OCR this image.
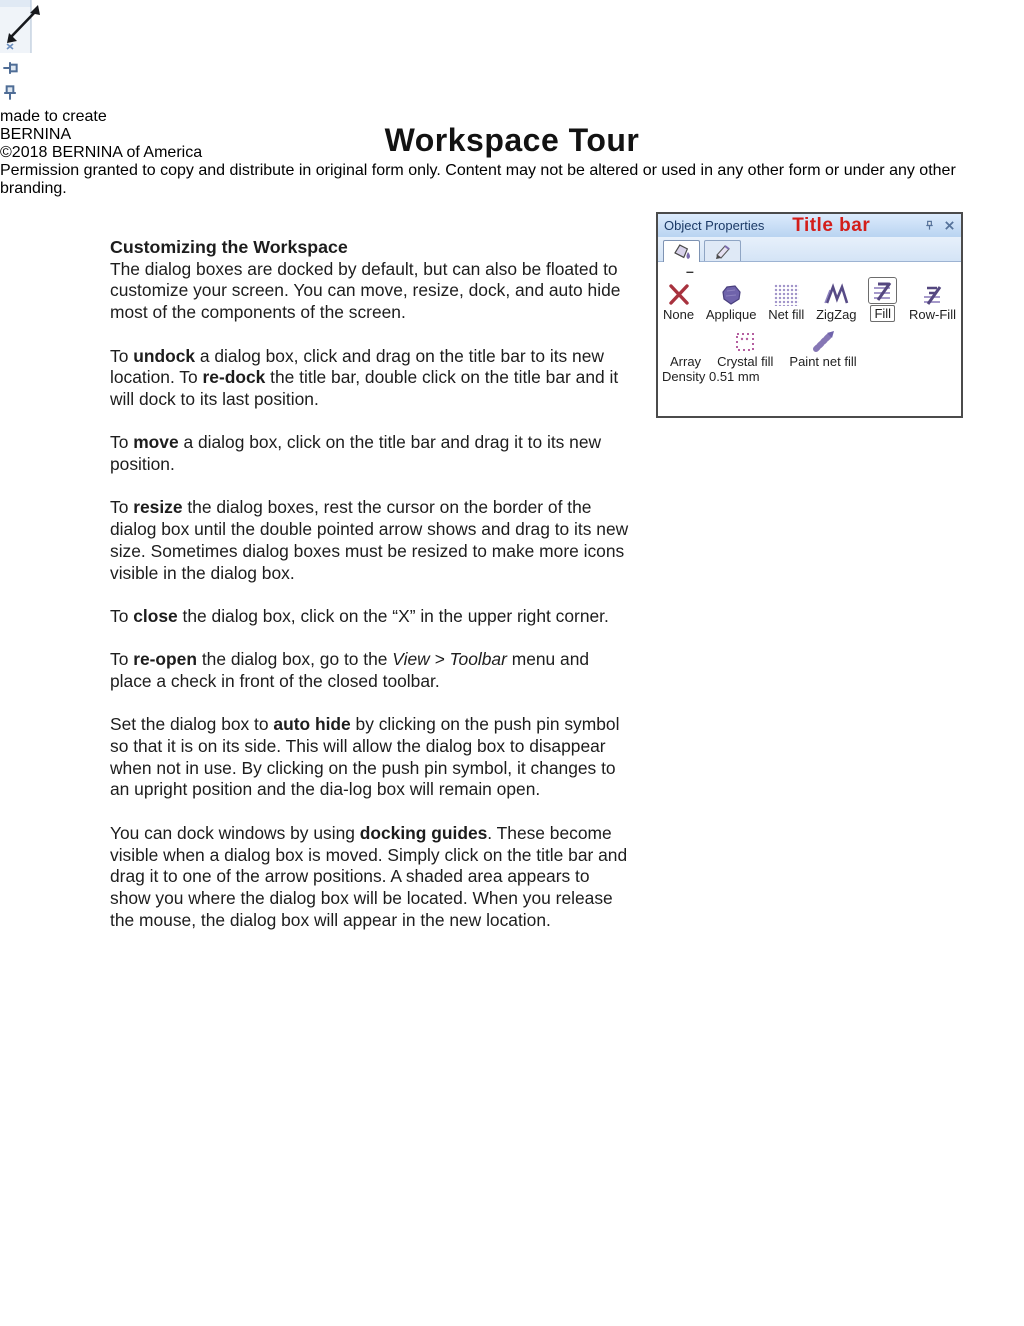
Workspace Tour
Customizing the Workspace

The dialog boxes are docked by default, but can also be floated to customize your screen. You can move, resize, dock, and auto hide most of the components of the screen.

To undock a dialog box, click and drag on the title bar to its new location. To re-dock the title bar, double click on the title bar and it will dock to its last position.

To move a dialog box, click on the title bar and drag it to its new position.

To resize the dialog boxes, rest the cursor on the border of the dialog box until the double pointed arrow shows and drag to its new size. Sometimes dialog boxes must be resized to make more icons visible in the dialog box.

To close the dialog box, click on the “X” in the upper right corner.

To re-open the dialog box, go to the View > Toolbar menu and place a check in front of the closed toolbar.

Set the dialog box to auto hide by clicking on the push pin symbol so that it is on its side. This will allow the dialog box to disappear when not in use. By clicking on the push pin symbol, it changes to an upright position and the dia-log box will remain open.

You can dock windows by using docking guides. These become visible when a dialog box is moved. Simply click on the title bar and drag it to one of the arrow positions. A shaded area appears to show you where the dialog box will be located. When you release the mouse, the dialog box will appear in the new location.

Object Properties	Title bar
–
None Applique Net fill ZigZag	Fill	Row-Fill
Array Crystal fill Paint net fill
Density 0.51 mm
made to create
BERNINA
©2018 BERNINA of America
Permission granted to copy and distribute in original form only. Content may not be altered or used in any other form or under any other branding.
